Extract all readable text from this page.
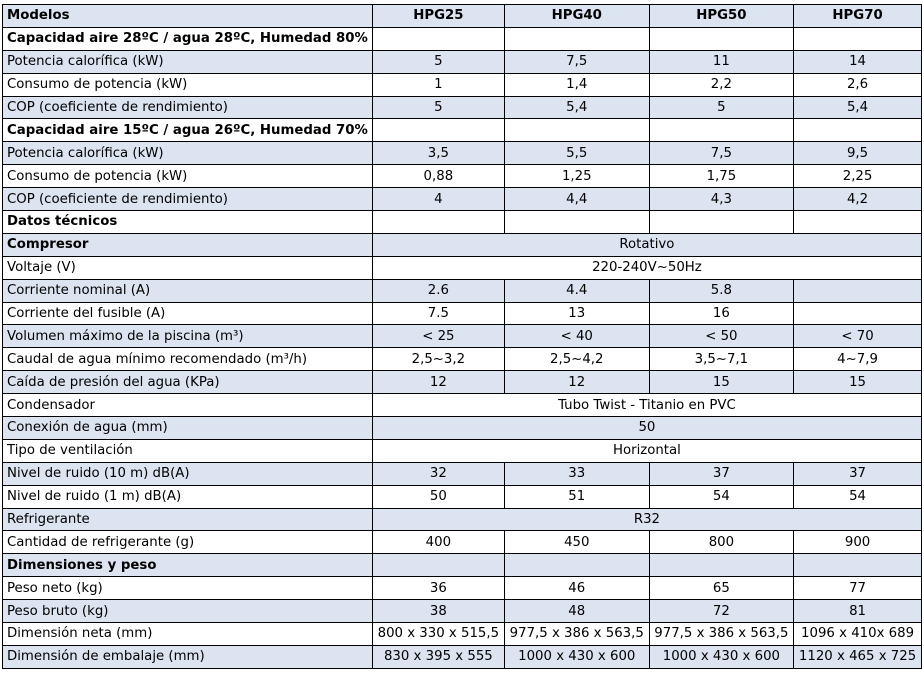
Modelos	HPG25	HPG40	HPG50	HPG70
Capacidad aire 28ºC / agua 28ºC, Humedad 80%				
Potencia calorífica (kW)	5	7,5	11	14
Consumo de potencia (kW)	1	1,4	2,2	2,6
COP (coeficiente de rendimiento)	5	5,4	5	5,4
Capacidad aire 15ºC / agua 26ºC, Humedad 70%				
Potencia calorífica (kW)	3,5	5,5	7,5	9,5
Consumo de potencia (kW)	0,88	1,25	1,75	2,25
COP (coeficiente de rendimiento)	4	4,4	4,3	4,2
Datos técnicos				
Compresor	Rotativo			
Voltaje (V)	220-240V~50Hz			
Corriente nominal (A)	2.6	4.4	5.8	
Corriente del fusible (A)	7.5	13	16	
Volumen máximo de la piscina (m³)	< 25	< 40	< 50	< 70
Caudal de agua mínimo recomendado (m³/h)	2,5~3,2	2,5~4,2	3,5~7,1	4~7,9
Caída de presión del agua (KPa)	12	12	15	15
Condensador	Tubo Twist - Titanio en PVC			
Conexión de agua (mm)	50			
Tipo de ventilación	Horizontal			
Nivel de ruido (10 m) dB(A)	32	33	37	37
Nivel de ruido (1 m) dB(A)	50	51	54	54
Refrigerante	R32			
Cantidad de refrigerante (g)	400	450	800	900
Dimensiones y peso				
Peso neto (kg)	36	46	65	77
Peso bruto (kg)	38	48	72	81
Dimensión neta (mm)	800 x 330 x 515,5	977,5 x 386 x 563,5	977,5 x 386 x 563,5	1096 x 410x 689
Dimensión de embalaje (mm)	830 x 395 x 555	1000 x 430 x 600	1000 x 430 x 600	1120 x 465 x 725
